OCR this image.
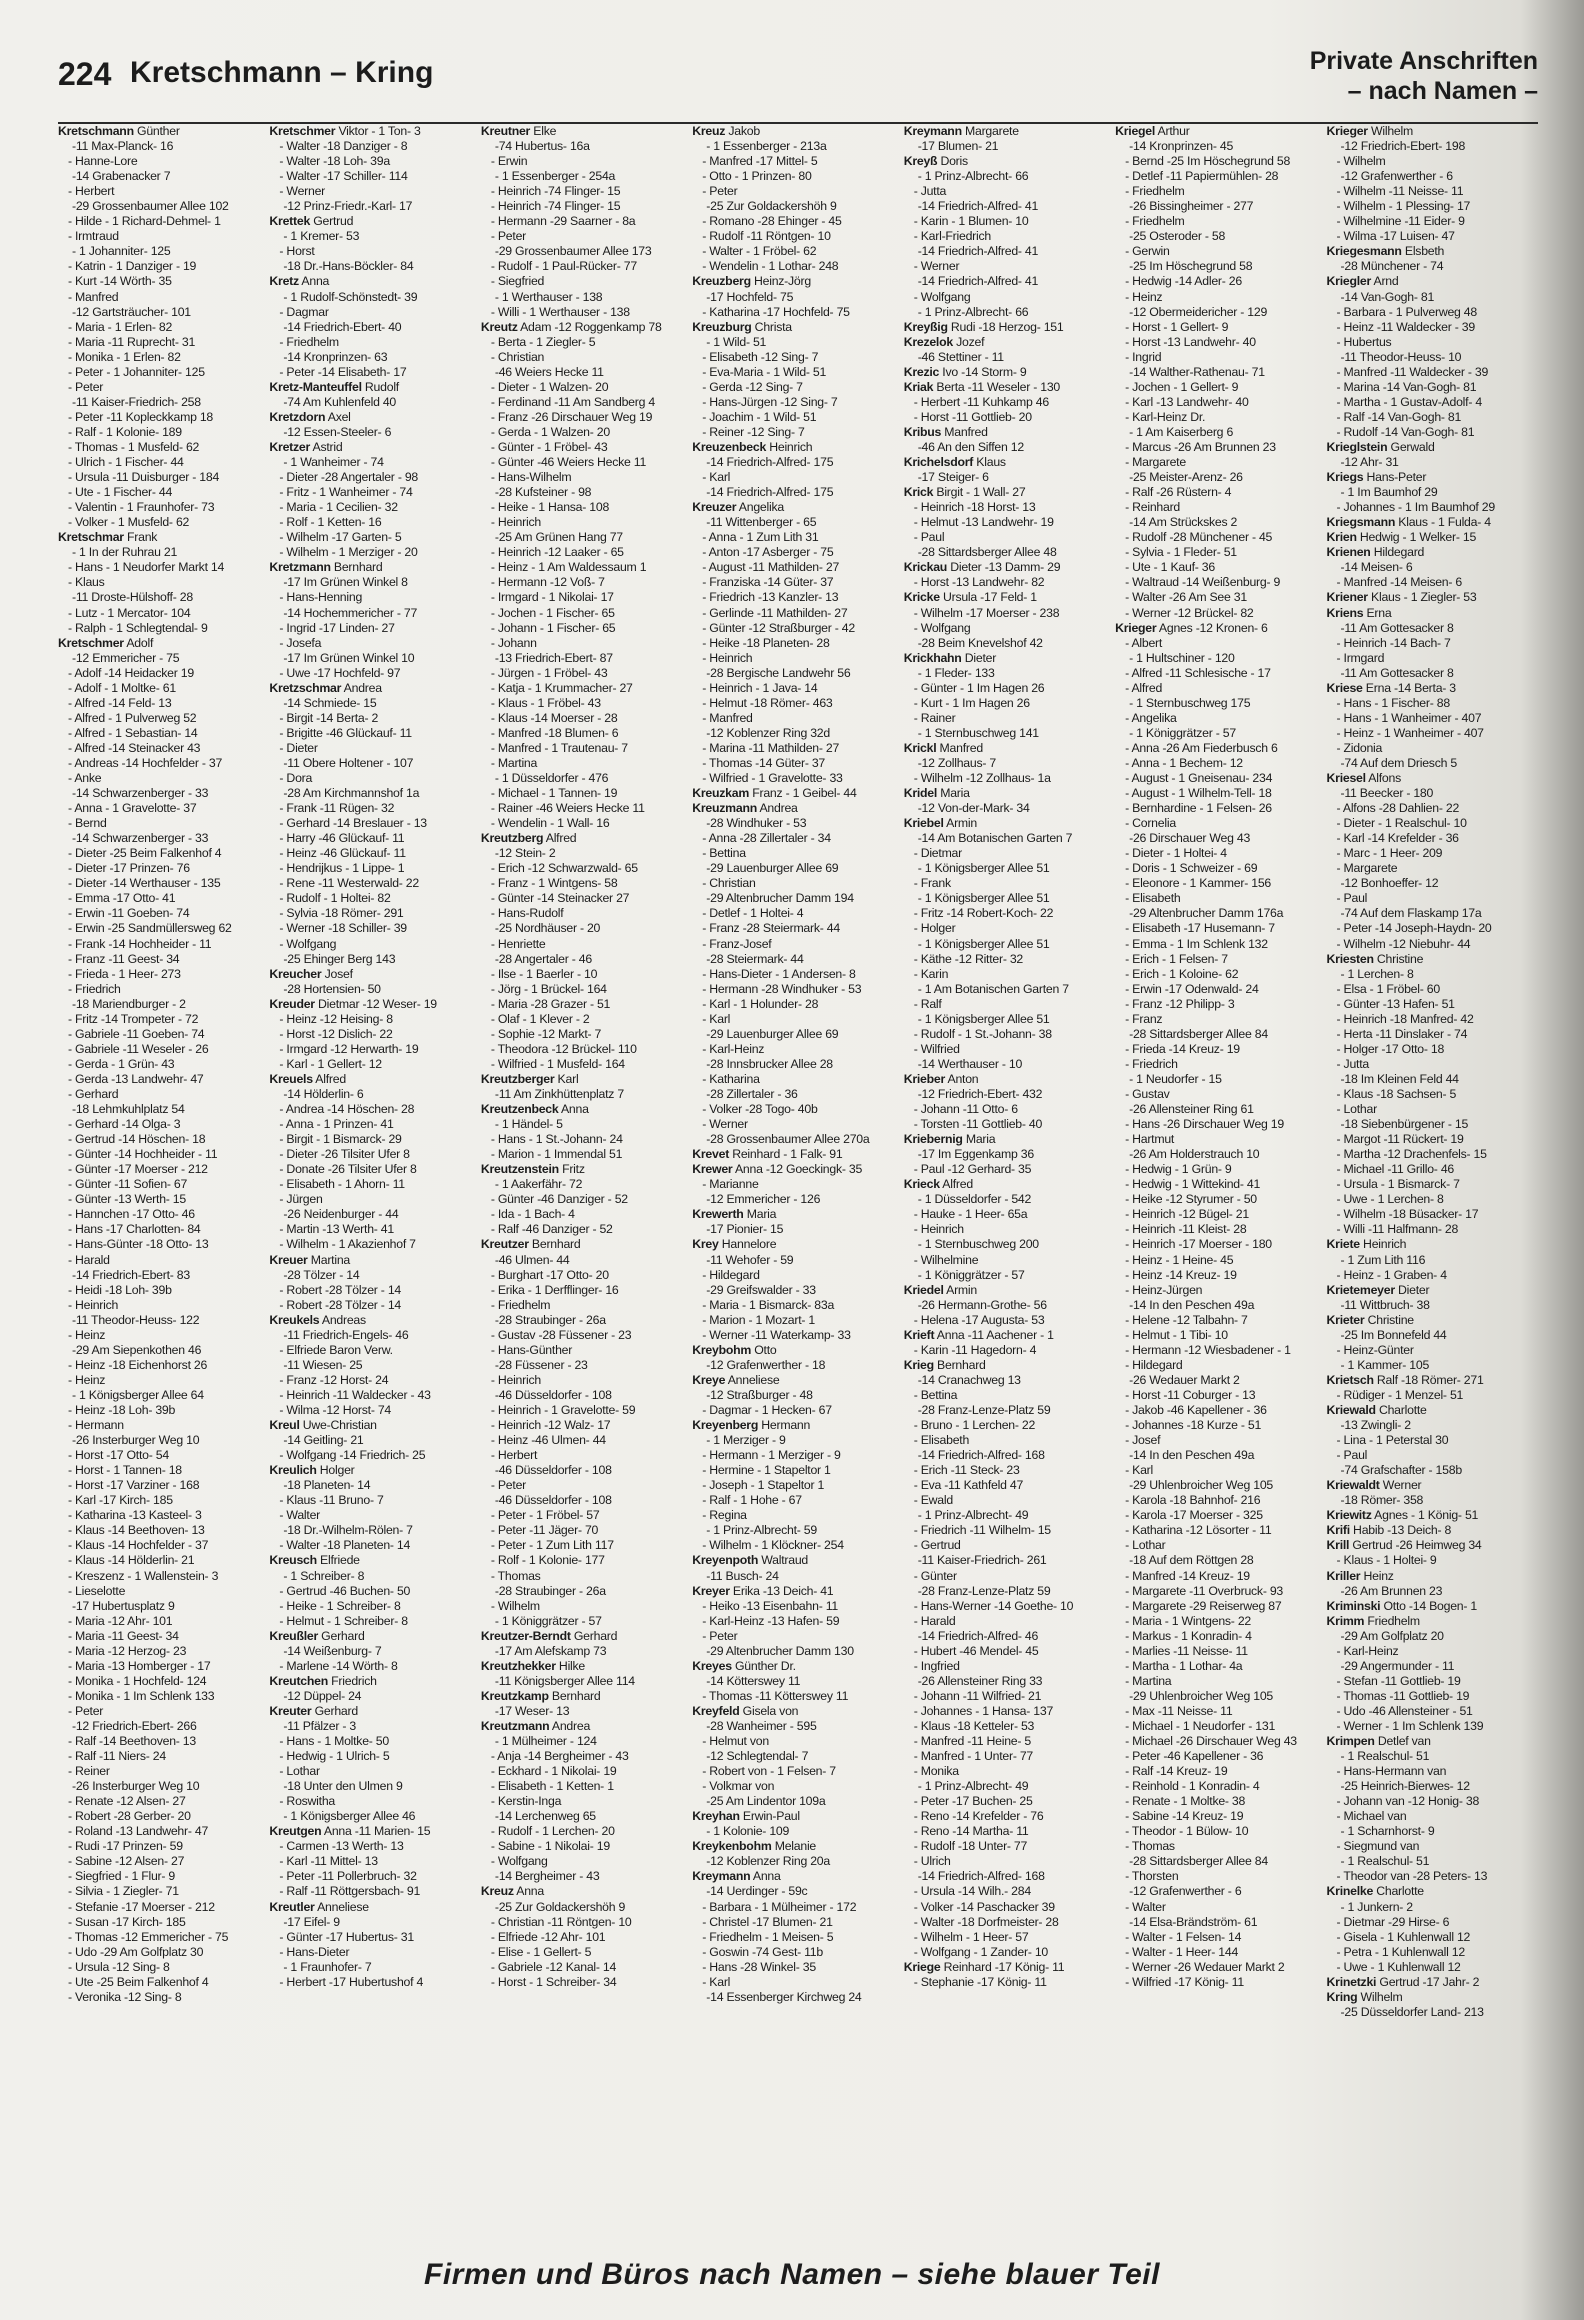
224 Kretschmann – Kring	Private Anschriften
– nach Namen –
Kretschmann Günther
-11 Max-Planck- 16
- Hanne-Lore
-14 Grabenacker 7
- Herbert
-29 Grossenbaumer Allee 102
- Hilde - 1 Richard-Dehmel- 1
- Irmtraud
- 1 Johanniter- 125
- Katrin - 1 Danziger - 19
- Kurt -14 Wörth- 35
- Manfred
-12 Gartsträucher- 101
- Maria - 1 Erlen- 82
- Maria -11 Ruprecht- 31
- Monika - 1 Erlen- 82
- Peter - 1 Johanniter- 125
- Peter
-11 Kaiser-Friedrich- 258
- Peter -11 Kopleckkamp 18
- Ralf - 1 Kolonie- 189
- Thomas - 1 Musfeld- 62
- Ulrich - 1 Fischer- 44
- Ursula -11 Duisburger - 184
- Ute - 1 Fischer- 44
- Valentin - 1 Fraunhofer- 73
- Volker - 1 Musfeld- 62
Kretschmar Frank
- 1 In der Ruhrau 21
- Hans - 1 Neudorfer Markt 14
- Klaus
-11 Droste-Hülshoff- 28
- Lutz - 1 Mercator- 104
- Ralph - 1 Schlegtendal- 9
Kretschmer Adolf
-12 Emmericher - 75
- Adolf -14 Heidacker 19
- Adolf - 1 Moltke- 61
- Alfred -14 Feld- 13
- Alfred - 1 Pulverweg 52
- Alfred - 1 Sebastian- 14
- Alfred -14 Steinacker 43
- Andreas -14 Hochfelder - 37
- Anke
-14 Schwarzenberger - 33
- Anna - 1 Gravelotte- 37
- Bernd
-14 Schwarzenberger - 33
- Dieter -25 Beim Falkenhof 4
- Dieter -17 Prinzen- 76
- Dieter -14 Werthauser - 135
- Emma -17 Otto- 41
- Erwin -11 Goeben- 74
- Erwin -25 Sandmüllersweg 62
- Frank -14 Hochheider - 11
- Franz -11 Geest- 34
- Frieda - 1 Heer- 273
- Friedrich
-18 Mariendburger - 2
- Fritz -14 Trompeter - 72
- Gabriele -11 Goeben- 74
- Gabriele -11 Weseler - 26
- Gerda - 1 Grün- 43
- Gerda -13 Landwehr- 47
- Gerhard
-18 Lehmkuhlplatz 54
- Gerhard -14 Olga- 3
- Gertrud -14 Höschen- 18
- Günter -14 Hochheider - 11
- Günter -17 Moerser - 212
- Günter -11 Sofien- 67
- Günter -13 Werth- 15
- Hannchen -17 Otto- 46
- Hans -17 Charlotten- 84
- Hans-Günter -18 Otto- 13
- Harald
-14 Friedrich-Ebert- 83
- Heidi -18 Loh- 39b
- Heinrich
-11 Theodor-Heuss- 122
- Heinz
-29 Am Siepenkothen 46
- Heinz -18 Eichenhorst 26
- Heinz
- 1 Königsberger Allee 64
- Heinz -18 Loh- 39b
- Hermann
-26 Insterburger Weg 10
- Horst -17 Otto- 54
- Horst - 1 Tannen- 18
- Horst -17 Varziner - 168
- Karl -17 Kirch- 185
- Katharina -13 Kasteel- 3
- Klaus -14 Beethoven- 13
- Klaus -14 Hochfelder - 37
- Klaus -14 Hölderlin- 21
- Kreszenz - 1 Wallenstein- 3
- Lieselotte
-17 Hubertusplatz 9
- Maria -12 Ahr- 101
- Maria -11 Geest- 34
- Maria -12 Herzog- 23
- Maria -13 Homberger - 17
- Monika - 1 Hochfeld- 124
- Monika - 1 Im Schlenk 133
- Peter
-12 Friedrich-Ebert- 266
- Ralf -14 Beethoven- 13
- Ralf -11 Niers- 24
- Reiner
-26 Insterburger Weg 10
- Renate -12 Alsen- 27
- Robert -28 Gerber- 20
- Roland -13 Landwehr- 47
- Rudi -17 Prinzen- 59
- Sabine -12 Alsen- 27
- Siegfried - 1 Flur- 9
- Silvia - 1 Ziegler- 71
- Stefanie -17 Moerser - 212
- Susan -17 Kirch- 185
- Thomas -12 Emmericher - 75
- Udo -29 Am Golfplatz 30
- Ursula -12 Sing- 8
- Ute -25 Beim Falkenhof 4
- Veronika -12 Sing- 8
Kretschmer Viktor - 1 Ton- 3
- Walter -18 Danziger - 8
- Walter -18 Loh- 39a
- Walter -17 Schiller- 114
- Werner
-12 Prinz-Friedr.-Karl- 17
Krettek Gertrud
- 1 Kremer- 53
- Horst
-18 Dr.-Hans-Böckler- 84
Kretz Anna
- 1 Rudolf-Schönstedt- 39
- Dagmar
-14 Friedrich-Ebert- 40
- Friedhelm
-14 Kronprinzen- 63
- Peter -14 Elisabeth- 17
Kretz-Manteuffel Rudolf
-74 Am Kuhlenfeld 40
Kretzdorn Axel
-12 Essen-Steeler- 6
Kretzer Astrid
- 1 Wanheimer - 74
- Dieter -28 Angertaler - 98
- Fritz - 1 Wanheimer - 74
- Maria - 1 Cecilien- 32
- Rolf - 1 Ketten- 16
- Wilhelm -17 Garten- 5
- Wilhelm - 1 Merziger - 20
Kretzmann Bernhard
-17 Im Grünen Winkel 8
- Hans-Henning
-14 Hochemmericher - 77
- Ingrid -17 Linden- 27
- Josefa
-17 Im Grünen Winkel 10
- Uwe -17 Hochfeld- 97
Kretzschmar Andrea
-14 Schmiede- 15
- Birgit -14 Berta- 2
- Brigitte -46 Glückauf- 11
- Dieter
-11 Obere Holtener - 107
- Dora
-28 Am Kirchmannshof 1a
- Frank -11 Rügen- 32
- Gerhard -14 Breslauer - 13
- Harry -46 Glückauf- 11
- Heinz -46 Glückauf- 11
- Hendrijkus - 1 Lippe- 1
- Rene -11 Westerwald- 22
- Rudolf - 1 Holtei- 82
- Sylvia -18 Römer- 291
- Werner -18 Schiller- 39
- Wolfgang
-25 Ehinger Berg 143
Kreucher Josef
-28 Hortensien- 50
Kreuder Dietmar -12 Weser- 19
- Heinz -12 Heising- 8
- Horst -12 Dislich- 22
- Irmgard -12 Herwarth- 19
- Karl - 1 Gellert- 12
Kreuels Alfred
-14 Hölderlin- 6
- Andrea -14 Höschen- 28
- Anna - 1 Prinzen- 41
- Birgit - 1 Bismarck- 29
- Dieter -26 Tilsiter Ufer 8
- Donate -26 Tilsiter Ufer 8
- Elisabeth - 1 Ahorn- 11
- Jürgen
-26 Neidenburger - 44
- Martin -13 Werth- 41
- Wilhelm - 1 Akazienhof 7
Kreuer Martina
-28 Tölzer - 14
- Robert -28 Tölzer - 14
- Robert -28 Tölzer - 14
Kreukels Andreas
-11 Friedrich-Engels- 46
- Elfriede Baron Verw.
-11 Wiesen- 25
- Franz -12 Horst- 24
- Heinrich -11 Waldecker - 43
- Wilma -12 Horst- 74
Kreul Uwe-Christian
-14 Geitling- 21
- Wolfgang -14 Friedrich- 25
Kreulich Holger
-18 Planeten- 14
- Klaus -11 Bruno- 7
- Walter
-18 Dr.-Wilhelm-Rölen- 7
- Walter -18 Planeten- 14
Kreusch Elfriede
- 1 Schreiber- 8
- Gertrud -46 Buchen- 50
- Heike - 1 Schreiber- 8
- Helmut - 1 Schreiber- 8
Kreußler Gerhard
-14 Weißenburg- 7
- Marlene -14 Wörth- 8
Kreutchen Friedrich
-12 Düppel- 24
Kreuter Gerhard
-11 Pfälzer - 3
- Hans - 1 Moltke- 50
- Hedwig - 1 Ulrich- 5
- Lothar
-18 Unter den Ulmen 9
- Roswitha
- 1 Königsberger Allee 46
Kreutgen Anna -11 Marien- 15
- Carmen -13 Werth- 13
- Karl -11 Mittel- 13
- Peter -11 Pollerbruch- 32
- Ralf -11 Röttgersbach- 91
Kreutler Anneliese
-17 Eifel- 9
- Günter -17 Hubertus- 31
- Hans-Dieter
- 1 Fraunhofer- 7
- Herbert -17 Hubertushof 4
Kreutner Elke
-74 Hubertus- 16a
- Erwin
- 1 Essenberger - 254a
- Heinrich -74 Flinger- 15
- Heinrich -74 Flinger- 15
- Hermann -29 Saarner - 8a
- Peter
-29 Grossenbaumer Allee 173
- Rudolf - 1 Paul-Rücker- 77
- Siegfried
- 1 Werthauser - 138
- Willi - 1 Werthauser - 138
Kreutz Adam -12 Roggenkamp 78
- Berta - 1 Ziegler- 5
- Christian
-46 Weiers Hecke 11
- Dieter - 1 Walzen- 20
- Ferdinand -11 Am Sandberg 4
- Franz -26 Dirschauer Weg 19
- Gerda - 1 Walzen- 20
- Günter - 1 Fröbel- 43
- Günter -46 Weiers Hecke 11
- Hans-Wilhelm
-28 Kufsteiner - 98
- Heike - 1 Hansa- 108
- Heinrich
-25 Am Grünen Hang 77
- Heinrich -12 Laaker - 65
- Heinz - 1 Am Waldessaum 1
- Hermann -12 Voß- 7
- Irmgard - 1 Nikolai- 17
- Jochen - 1 Fischer- 65
- Johann - 1 Fischer- 65
- Johann
-13 Friedrich-Ebert- 87
- Jürgen - 1 Fröbel- 43
- Katja - 1 Krummacher- 27
- Klaus - 1 Fröbel- 43
- Klaus -14 Moerser - 28
- Manfred -18 Blumen- 6
- Manfred - 1 Trautenau- 7
- Martina
- 1 Düsseldorfer - 476
- Michael - 1 Tannen- 19
- Rainer -46 Weiers Hecke 11
- Wendelin - 1 Wall- 16
Kreutzberg Alfred
-12 Stein- 2
- Erich -12 Schwarzwald- 65
- Franz - 1 Wintgens- 58
- Günter -14 Steinacker 27
- Hans-Rudolf
-25 Nordhäuser - 20
- Henriette
-28 Angertaler - 46
- Ilse - 1 Baerler - 10
- Jörg - 1 Brückel- 164
- Maria -28 Grazer - 51
- Olaf - 1 Klever - 2
- Sophie -12 Markt- 7
- Theodora -12 Brückel- 110
- Wilfried - 1 Musfeld- 164
Kreutzberger Karl
-11 Am Zinkhüttenplatz 7
Kreutzenbeck Anna
- 1 Händel- 5
- Hans - 1 St.-Johann- 24
- Marion - 1 Immendal 51
Kreutzenstein Fritz
- 1 Aakerfähr- 72
- Günter -46 Danziger - 52
- Ida - 1 Bach- 4
- Ralf -46 Danziger - 52
Kreutzer Bernhard
-46 Ulmen- 44
- Burghart -17 Otto- 20
- Erika - 1 Derfflinger- 16
- Friedhelm
-28 Straubinger - 26a
- Gustav -28 Füssener - 23
- Hans-Günther
-28 Füssener - 23
- Heinrich
-46 Düsseldorfer - 108
- Heinrich - 1 Gravelotte- 59
- Heinrich -12 Walz- 17
- Heinz -46 Ulmen- 44
- Herbert
-46 Düsseldorfer - 108
- Peter
-46 Düsseldorfer - 108
- Peter - 1 Fröbel- 57
- Peter -11 Jäger- 70
- Peter - 1 Zum Lith 117
- Rolf - 1 Kolonie- 177
- Thomas
-28 Straubinger - 26a
- Wilhelm
- 1 Königgrätzer - 57
Kreutzer-Berndt Gerhard
-17 Am Alefskamp 73
Kreutzhekker Hilke
-11 Königsberger Allee 114
Kreutzkamp Bernhard
-17 Weser- 13
Kreutzmann Andrea
- 1 Mülheimer - 124
- Anja -14 Bergheimer - 43
- Eckhard - 1 Nikolai- 19
- Elisabeth - 1 Ketten- 1
- Kerstin-Inga
-14 Lerchenweg 65
- Rudolf - 1 Lerchen- 20
- Sabine - 1 Nikolai- 19
- Wolfgang
-14 Bergheimer - 43
Kreuz Anna
-25 Zur Goldackershöh 9
- Christian -11 Röntgen- 10
- Elfriede -12 Ahr- 101
- Elise - 1 Gellert- 5
- Gabriele -12 Kanal- 14
- Horst - 1 Schreiber- 34
Kreuz Jakob
- 1 Essenberger - 213a
- Manfred -17 Mittel- 5
- Otto - 1 Prinzen- 80
- Peter
-25 Zur Goldackershöh 9
- Romano -28 Ehinger - 45
- Rudolf -11 Röntgen- 10
- Walter - 1 Fröbel- 62
- Wendelin - 1 Lothar- 248
Kreuzberg Heinz-Jörg
-17 Hochfeld- 75
- Katharina -17 Hochfeld- 75
Kreuzburg Christa
- 1 Wild- 51
- Elisabeth -12 Sing- 7
- Eva-Maria - 1 Wild- 51
- Gerda -12 Sing- 7
- Hans-Jürgen -12 Sing- 7
- Joachim - 1 Wild- 51
- Reiner -12 Sing- 7
Kreuzenbeck Heinrich
-14 Friedrich-Alfred- 175
- Karl
-14 Friedrich-Alfred- 175
Kreuzer Angelika
-11 Wittenberger - 65
- Anna - 1 Zum Lith 31
- Anton -17 Asberger - 75
- August -11 Mathilden- 27
- Franziska -14 Güter- 37
- Friedrich -13 Kanzler- 13
- Gerlinde -11 Mathilden- 27
- Günter -12 Straßburger - 42
- Heike -18 Planeten- 28
- Heinrich
-28 Bergische Landwehr 56
- Heinrich - 1 Java- 14
- Helmut -18 Römer- 463
- Manfred
-12 Koblenzer Ring 32d
- Marina -11 Mathilden- 27
- Thomas -14 Güter- 37
- Wilfried - 1 Gravelotte- 33
Kreuzkam Franz - 1 Geibel- 44
Kreuzmann Andrea
-28 Windhuker - 53
- Anna -28 Zillertaler - 34
- Bettina
-29 Lauenburger Allee 69
- Christian
-29 Altenbrucher Damm 194
- Detlef - 1 Holtei- 4
- Franz -28 Steiermark- 44
- Franz-Josef
-28 Steiermark- 44
- Hans-Dieter - 1 Andersen- 8
- Hermann -28 Windhuker - 53
- Karl - 1 Holunder- 28
- Karl
-29 Lauenburger Allee 69
- Karl-Heinz
-28 Innsbrucker Allee 28
- Katharina
-28 Zillertaler - 36
- Volker -28 Togo- 40b
- Werner
-28 Grossenbaumer Allee 270a
Krevet Reinhard - 1 Falk- 91
Krewer Anna -12 Goeckingk- 35
- Marianne
-12 Emmericher - 126
Krewerth Maria
-17 Pionier- 15
Krey Hannelore
-11 Wehofer - 59
- Hildegard
-29 Greifswalder - 33
- Maria - 1 Bismarck- 83a
- Marion - 1 Mozart- 1
- Werner -11 Waterkamp- 33
Kreybohm Otto
-12 Grafenwerther - 18
Kreye Anneliese
-12 Straßburger - 48
- Dagmar - 1 Hecken- 67
Kreyenberg Hermann
- 1 Merziger - 9
- Hermann - 1 Merziger - 9
- Hermine - 1 Stapeltor 1
- Joseph - 1 Stapeltor 1
- Ralf - 1 Hohe - 67
- Regina
- 1 Prinz-Albrecht- 59
- Wilhelm - 1 Klöckner- 254
Kreyenpoth Waltraud
-11 Busch- 24
Kreyer Erika -13 Deich- 41
- Heiko -13 Eisenbahn- 11
- Karl-Heinz -13 Hafen- 59
- Peter
-29 Altenbrucher Damm 130
Kreyes Günther Dr.
-14 Kötterswey 11
- Thomas -11 Kötterswey 11
Kreyfeld Gisela von
-28 Wanheimer - 595
- Helmut von
-12 Schlegtendal- 7
- Robert von - 1 Felsen- 7
- Volkmar von
-25 Am Lindentor 109a
Kreyhan Erwin-Paul
- 1 Kolonie- 109
Kreykenbohm Melanie
-12 Koblenzer Ring 20a
Kreymann Anna
-14 Uerdinger - 59c
- Barbara - 1 Mülheimer - 172
- Christel -17 Blumen- 21
- Friedhelm - 1 Meisen- 5
- Goswin -74 Gest- 11b
- Hans -28 Winkel- 35
- Karl
-14 Essenberger Kirchweg 24
Kreymann Margarete
-17 Blumen- 21
Kreyß Doris
- 1 Prinz-Albrecht- 66
- Jutta
-14 Friedrich-Alfred- 41
- Karin - 1 Blumen- 10
- Karl-Friedrich
-14 Friedrich-Alfred- 41
- Werner
-14 Friedrich-Alfred- 41
- Wolfgang
- 1 Prinz-Albrecht- 66
Kreyßig Rudi -18 Herzog- 151
Krezelok Jozef
-46 Stettiner - 11
Krezic Ivo -14 Storm- 9
Kriak Berta -11 Weseler - 130
- Herbert -11 Kuhkamp 46
- Horst -11 Gottlieb- 20
Kribus Manfred
-46 An den Siffen 12
Krichelsdorf Klaus
-17 Steiger- 6
Krick Birgit - 1 Wall- 27
- Heinrich -18 Horst- 13
- Helmut -13 Landwehr- 19
- Paul
-28 Sittardsberger Allee 48
Krickau Dieter -13 Damm- 29
- Horst -13 Landwehr- 82
Kricke Ursula -17 Feld- 1
- Wilhelm -17 Moerser - 238
- Wolfgang
-28 Beim Knevelshof 42
Krickhahn Dieter
- 1 Fleder- 133
- Günter - 1 Im Hagen 26
- Kurt - 1 Im Hagen 26
- Rainer
- 1 Sternbuschweg 141
Krickl Manfred
-12 Zollhaus- 7
- Wilhelm -12 Zollhaus- 1a
Kridel Maria
-12 Von-der-Mark- 34
Kriebel Armin
-14 Am Botanischen Garten 7
- Dietmar
- 1 Königsberger Allee 51
- Frank
- 1 Königsberger Allee 51
- Fritz -14 Robert-Koch- 22
- Holger
- 1 Königsberger Allee 51
- Käthe -12 Ritter- 32
- Karin
- 1 Am Botanischen Garten 7
- Ralf
- 1 Königsberger Allee 51
- Rudolf - 1 St.-Johann- 38
- Wilfried
-14 Werthauser - 10
Krieber Anton
-12 Friedrich-Ebert- 432
- Johann -11 Otto- 6
- Torsten -11 Gottlieb- 40
Kriebernig Maria
-17 Im Eggenkamp 36
- Paul -12 Gerhard- 35
Krieck Alfred
- 1 Düsseldorfer - 542
- Hauke - 1 Heer- 65a
- Heinrich
- 1 Sternbuschweg 200
- Wilhelmine
- 1 Königgrätzer - 57
Kriedel Armin
-26 Hermann-Grothe- 56
- Helena -17 Augusta- 53
Krieft Anna -11 Aachener - 1
- Karin -11 Hagedorn- 4
Krieg Bernhard
-14 Cranachweg 13
- Bettina
-28 Franz-Lenze-Platz 59
- Bruno - 1 Lerchen- 22
- Elisabeth
-14 Friedrich-Alfred- 168
- Erich -11 Steck- 23
- Eva -11 Kathfeld 47
- Ewald
- 1 Prinz-Albrecht- 49
- Friedrich -11 Wilhelm- 15
- Gertrud
-11 Kaiser-Friedrich- 261
- Günter
-28 Franz-Lenze-Platz 59
- Hans-Werner -14 Goethe- 10
- Harald
-14 Friedrich-Alfred- 46
- Hubert -46 Mendel- 45
- Ingfried
-26 Allensteiner Ring 33
- Johann -11 Wilfried- 21
- Johannes - 1 Hansa- 137
- Klaus -18 Ketteler- 53
- Manfred -11 Heine- 5
- Manfred - 1 Unter- 77
- Monika
- 1 Prinz-Albrecht- 49
- Peter -17 Buchen- 25
- Reno -14 Krefelder - 76
- Reno -14 Martha- 11
- Rudolf -18 Unter- 77
- Ulrich
-14 Friedrich-Alfred- 168
- Ursula -14 Wilh.- 284
- Volker -14 Paschacker 39
- Walter -18 Dorfmeister- 28
- Wilhelm - 1 Heer- 57
- Wolfgang - 1 Zander- 10
Kriege Reinhard -17 König- 11
- Stephanie -17 König- 11
Kriegel Arthur
-14 Kronprinzen- 45
- Bernd -25 Im Höschegrund 58
- Detlef -11 Papiermühlen- 28
- Friedhelm
-26 Bissingheimer - 277
- Friedhelm
-25 Osteroder - 58
- Gerwin
-25 Im Höschegrund 58
- Hedwig -14 Adler- 26
- Heinz
-12 Obermeidericher - 129
- Horst - 1 Gellert- 9
- Horst -13 Landwehr- 40
- Ingrid
-14 Walther-Rathenau- 71
- Jochen - 1 Gellert- 9
- Karl -13 Landwehr- 40
- Karl-Heinz Dr.
- 1 Am Kaiserberg 6
- Marcus -26 Am Brunnen 23
- Margarete
-25 Meister-Arenz- 26
- Ralf -26 Rüstern- 4
- Reinhard
-14 Am Strückskes 2
- Rudolf -28 Münchener - 45
- Sylvia - 1 Fleder- 51
- Ute - 1 Kauf- 36
- Waltraud -14 Weißenburg- 9
- Walter -26 Am See 31
- Werner -12 Brückel- 82
Krieger Agnes -12 Kronen- 6
- Albert
- 1 Hultschiner - 120
- Alfred -11 Schlesische - 17
- Alfred
- 1 Sternbuschweg 175
- Angelika
- 1 Königgrätzer - 57
- Anna -26 Am Fiederbusch 6
- Anna - 1 Bechem- 12
- August - 1 Gneisenau- 234
- August - 1 Wilhelm-Tell- 18
- Bernhardine - 1 Felsen- 26
- Cornelia
-26 Dirschauer Weg 43
- Dieter - 1 Holtei- 4
- Doris - 1 Schweizer - 69
- Eleonore - 1 Kammer- 156
- Elisabeth
-29 Altenbrucher Damm 176a
- Elisabeth -17 Husemann- 7
- Emma - 1 Im Schlenk 132
- Erich - 1 Felsen- 7
- Erich - 1 Koloine- 62
- Erwin -17 Odenwald- 24
- Franz -12 Philipp- 3
- Franz
-28 Sittardsberger Allee 84
- Frieda -14 Kreuz- 19
- Friedrich
- 1 Neudorfer - 15
- Gustav
-26 Allensteiner Ring 61
- Hans -26 Dirschauer Weg 19
- Hartmut
-26 Am Holderstrauch 10
- Hedwig - 1 Grün- 9
- Hedwig - 1 Wittekind- 41
- Heike -12 Styrumer - 50
- Heinrich -12 Bügel- 21
- Heinrich -11 Kleist- 28
- Heinrich -17 Moerser - 180
- Heinz - 1 Heine- 45
- Heinz -14 Kreuz- 19
- Heinz-Jürgen
-14 In den Peschen 49a
- Helene -12 Talbahn- 7
- Helmut - 1 Tibi- 10
- Hermann -12 Wiesbadener - 1
- Hildegard
-26 Wedauer Markt 2
- Horst -11 Coburger - 13
- Jakob -46 Kapellener - 36
- Johannes -18 Kurze - 51
- Josef
-14 In den Peschen 49a
- Karl
-29 Uhlenbroicher Weg 105
- Karola -18 Bahnhof- 216
- Karola -17 Moerser - 325
- Katharina -12 Lösorter - 11
- Lothar
-18 Auf dem Röttgen 28
- Manfred -14 Kreuz- 19
- Margarete -11 Overbruck- 93
- Margarete -29 Reiserweg 87
- Maria - 1 Wintgens- 22
- Markus - 1 Konradin- 4
- Marlies -11 Neisse- 11
- Martha - 1 Lothar- 4a
- Martina
-29 Uhlenbroicher Weg 105
- Max -11 Neisse- 11
- Michael - 1 Neudorfer - 131
- Michael -26 Dirschauer Weg 43
- Peter -46 Kapellener - 36
- Ralf -14 Kreuz- 19
- Reinhold - 1 Konradin- 4
- Renate - 1 Moltke- 38
- Sabine -14 Kreuz- 19
- Theodor - 1 Bülow- 10
- Thomas
-28 Sittardsberger Allee 84
- Thorsten
-12 Grafenwerther - 6
- Walter
-14 Elsa-Brändström- 61
- Walter - 1 Felsen- 14
- Walter - 1 Heer- 144
- Werner -26 Wedauer Markt 2
- Wilfried -17 König- 11
Krieger Wilhelm
-12 Friedrich-Ebert- 198
- Wilhelm
-12 Grafenwerther - 6
- Wilhelm -11 Neisse- 11
- Wilhelm - 1 Plessing- 17
- Wilhelmine -11 Eider- 9
- Wilma -17 Luisen- 47
Kriegesmann Elsbeth
-28 Münchener - 74
Kriegler Arnd
-14 Van-Gogh- 81
- Barbara - 1 Pulverweg 48
- Heinz -11 Waldecker - 39
- Hubertus
-11 Theodor-Heuss- 10
- Manfred -11 Waldecker - 39
- Marina -14 Van-Gogh- 81
- Martha - 1 Gustav-Adolf- 4
- Ralf -14 Van-Gogh- 81
- Rudolf -14 Van-Gogh- 81
Krieglstein Gerwald
-12 Ahr- 31
Kriegs Hans-Peter
- 1 Im Baumhof 29
- Johannes - 1 Im Baumhof 29
Kriegsmann Klaus - 1 Fulda- 4
Krien Hedwig - 1 Welker- 15
Krienen Hildegard
-14 Meisen- 6
- Manfred -14 Meisen- 6
Kriener Klaus - 1 Ziegler- 53
Kriens Erna
-11 Am Gottesacker 8
- Heinrich -14 Bach- 7
- Irmgard
-11 Am Gottesacker 8
Kriese Erna -14 Berta- 3
- Hans - 1 Fischer- 88
- Hans - 1 Wanheimer - 407
- Heinz - 1 Wanheimer - 407
- Zidonia
-74 Auf dem Driesch 5
Kriesel Alfons
-11 Beecker - 180
- Alfons -28 Dahlien- 22
- Dieter - 1 Realschul- 10
- Karl -14 Krefelder - 36
- Marc - 1 Heer- 209
- Margarete
-12 Bonhoeffer- 12
- Paul
-74 Auf dem Flaskamp 17a
- Peter -14 Joseph-Haydn- 20
- Wilhelm -12 Niebuhr- 44
Kriesten Christine
- 1 Lerchen- 8
- Elsa - 1 Fröbel- 60
- Günter -13 Hafen- 51
- Heinrich -18 Manfred- 42
- Herta -11 Dinslaker - 74
- Holger -17 Otto- 18
- Jutta
-18 Im Kleinen Feld 44
- Klaus -18 Sachsen- 5
- Lothar
-18 Siebenbürgener - 15
- Margot -11 Rückert- 19
- Martha -12 Drachenfels- 15
- Michael -11 Grillo- 46
- Ursula - 1 Bismarck- 7
- Uwe - 1 Lerchen- 8
- Wilhelm -18 Büsacker- 17
- Willi -11 Halfmann- 28
Kriete Heinrich
- 1 Zum Lith 116
- Heinz - 1 Graben- 4
Krietemeyer Dieter
-11 Wittbruch- 38
Krieter Christine
-25 Im Bonnefeld 44
- Heinz-Günter
- 1 Kammer- 105
Krietsch Ralf -18 Römer- 271
- Rüdiger - 1 Menzel- 51
Kriewald Charlotte
-13 Zwingli- 2
- Lina - 1 Peterstal 30
- Paul
-74 Grafschafter - 158b
Kriewaldt Werner
-18 Römer- 358
Kriewitz Agnes - 1 König- 51
Krifi Habib -13 Deich- 8
Krill Gertrud -26 Heimweg 34
- Klaus - 1 Holtei- 9
Kriller Heinz
-26 Am Brunnen 23
Kriminski Otto -14 Bogen- 1
Krimm Friedhelm
-29 Am Golfplatz 20
- Karl-Heinz
-29 Angermunder - 11
- Stefan -11 Gottlieb- 19
- Thomas -11 Gottlieb- 19
- Udo -46 Allensteiner - 51
- Werner - 1 Im Schlenk 139
Krimpen Detlef van
- 1 Realschul- 51
- Hans-Hermann van
-25 Heinrich-Bierwes- 12
- Johann van -12 Honig- 38
- Michael van
- 1 Scharnhorst- 9
- Siegmund van
- 1 Realschul- 51
- Theodor van -28 Peters- 13
Krinelke Charlotte
- 1 Junkern- 2
- Dietmar -29 Hirse- 6
- Gisela - 1 Kuhlenwall 12
- Petra - 1 Kuhlenwall 12
- Uwe - 1 Kuhlenwall 12
Krinetzki Gertrud -17 Jahr- 2
Kring Wilhelm
-25 Düsseldorfer Land- 213
Firmen und Büros nach Namen – siehe blauer Teil
